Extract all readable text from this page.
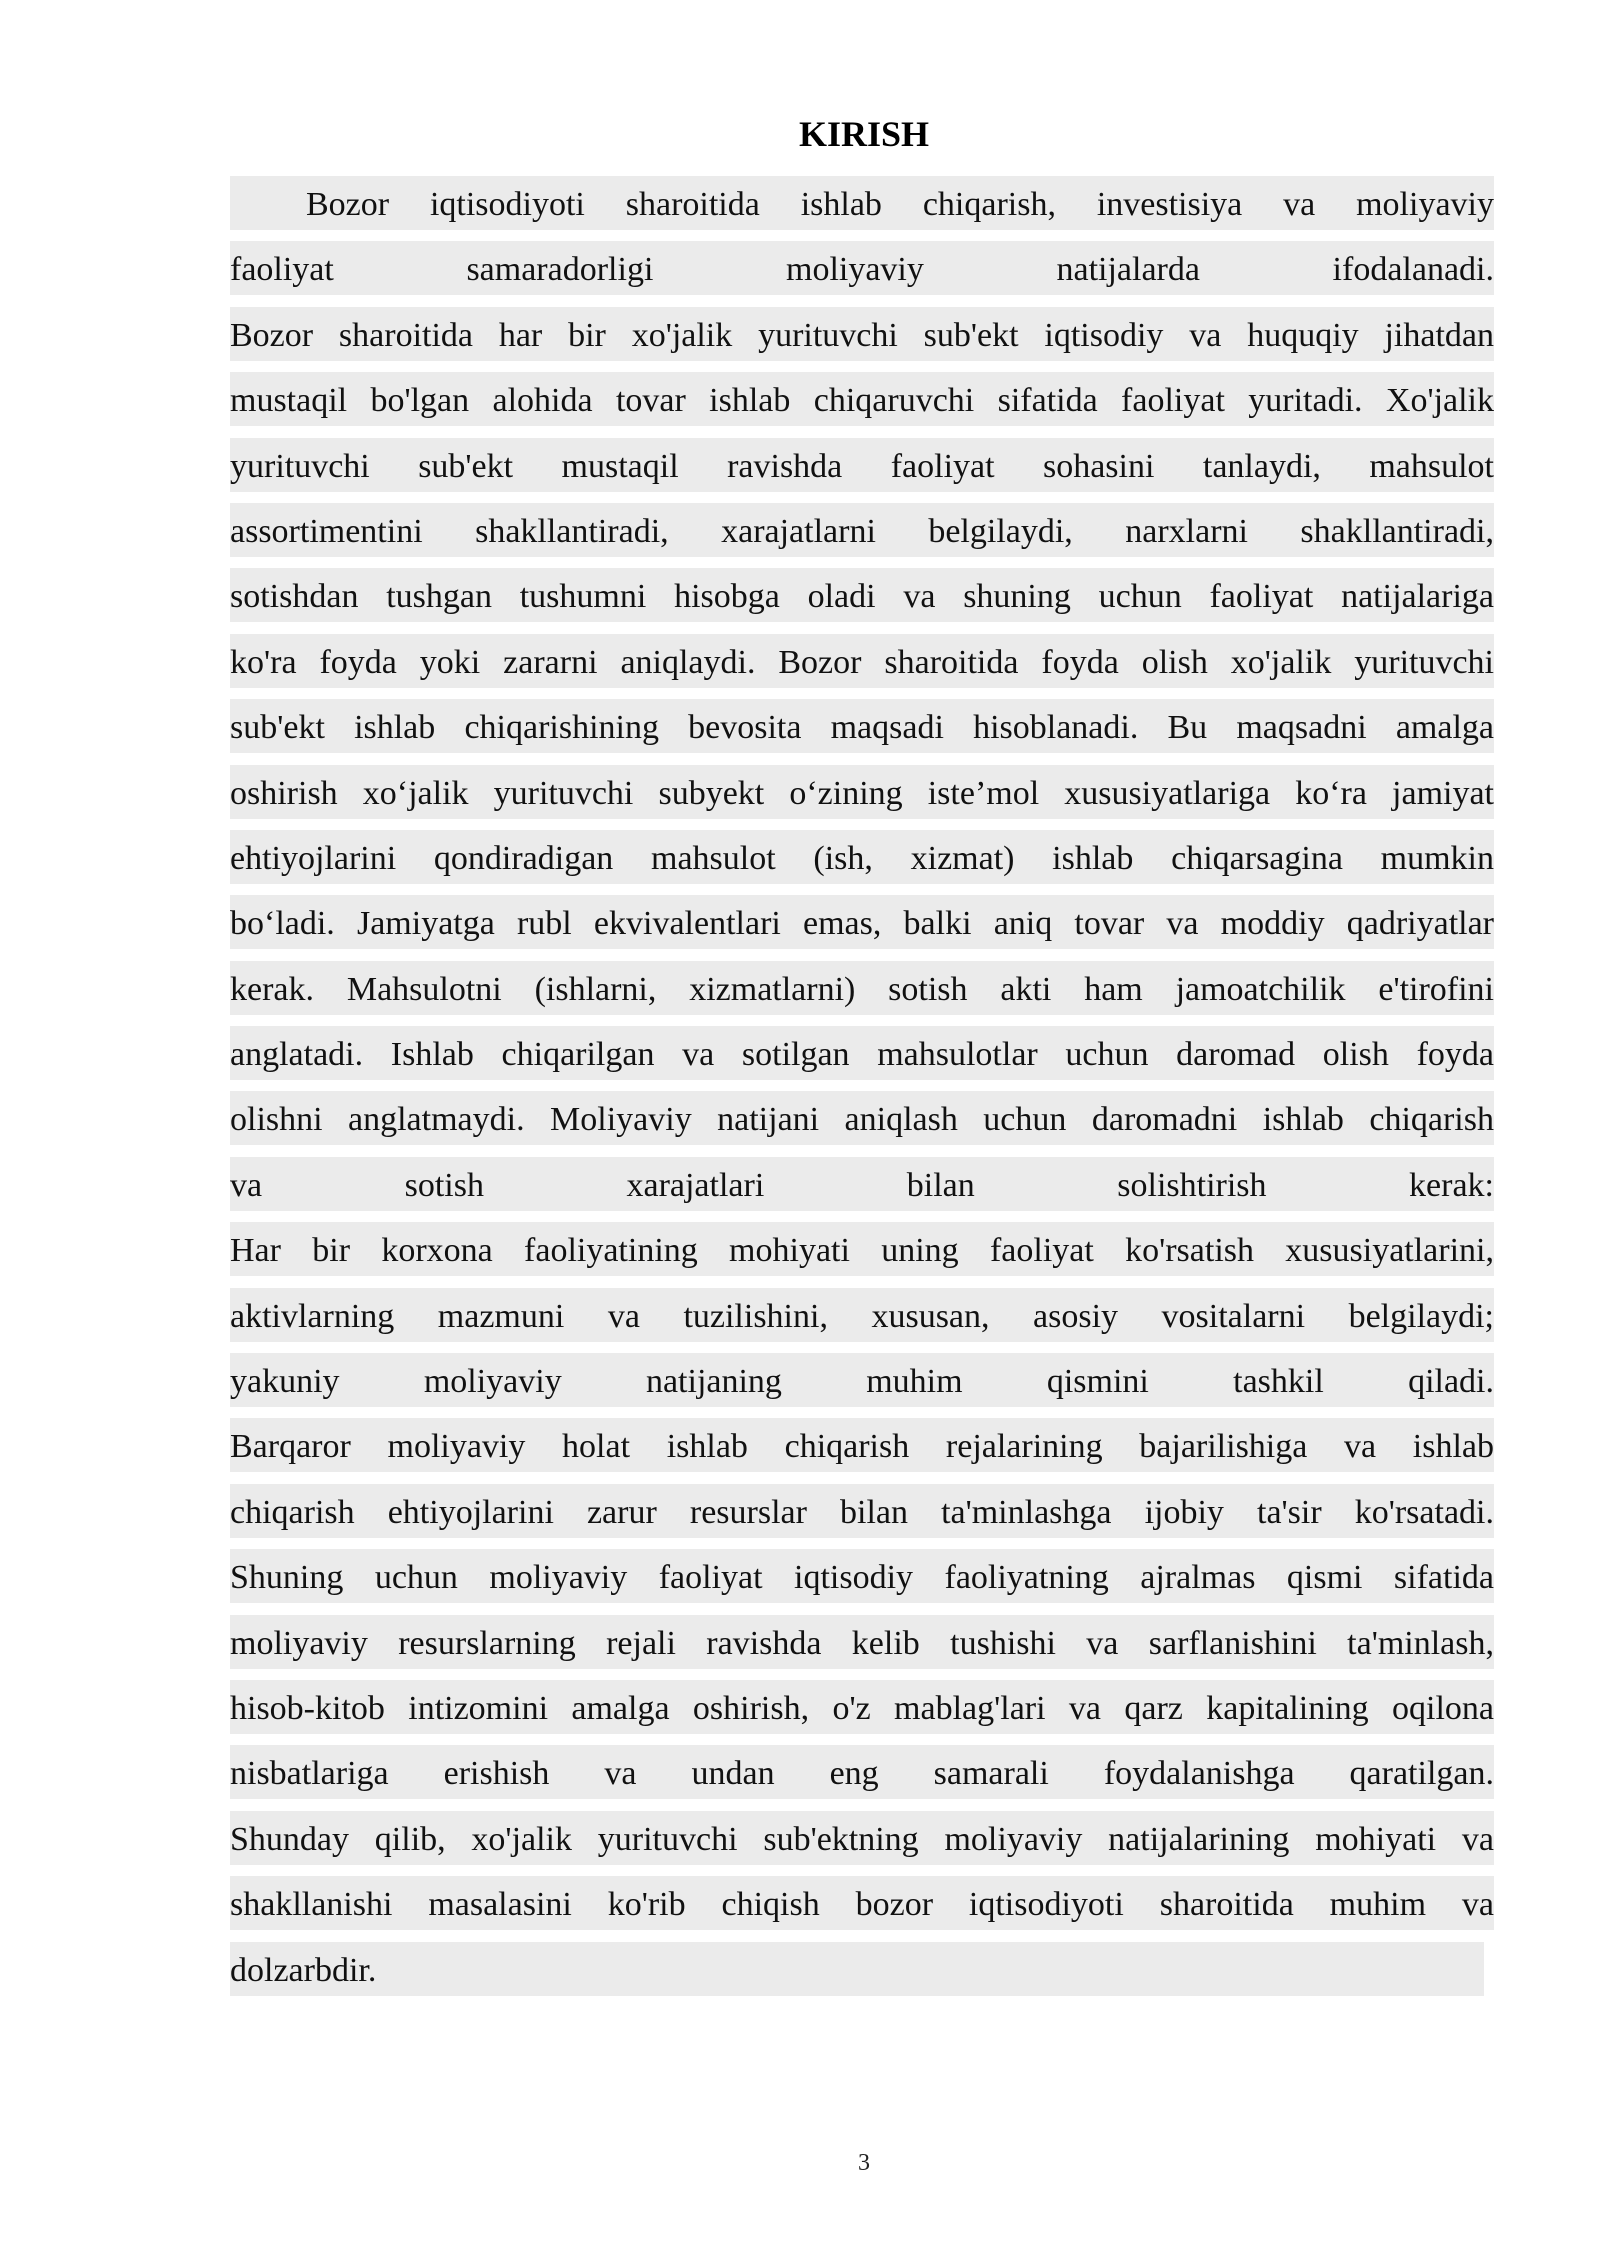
KIRISH
Bozor iqtisodiyoti sharoitida ishlab chiqarish, investisiya va moliyaviy
faoliyat samaradorligi moliyaviy natijalarda ifodalanadi.
Bozor sharoitida har bir xo'jalik yurituvchi sub'ekt iqtisodiy va huquqiy jihatdan
mustaqil bo'lgan alohida tovar ishlab chiqaruvchi sifatida faoliyat yuritadi. Xo'jalik
yurituvchi sub'ekt mustaqil ravishda faoliyat sohasini tanlaydi, mahsulot
assortimentini shakllantiradi, xarajatlarni belgilaydi, narxlarni shakllantiradi,
sotishdan tushgan tushumni hisobga oladi va shuning uchun faoliyat natijalariga
ko'ra foyda yoki zararni aniqlaydi. Bozor sharoitida foyda olish xo'jalik yurituvchi
sub'ekt ishlab chiqarishining bevosita maqsadi hisoblanadi. Bu maqsadni amalga
oshirish xo‘jalik yurituvchi subyekt o‘zining iste’mol xususiyatlariga ko‘ra jamiyat
ehtiyojlarini qondiradigan mahsulot (ish, xizmat) ishlab chiqarsagina mumkin
bo‘ladi. Jamiyatga rubl ekvivalentlari emas, balki aniq tovar va moddiy qadriyatlar
kerak. Mahsulotni (ishlarni, xizmatlarni) sotish akti ham jamoatchilik e'tirofini
anglatadi. Ishlab chiqarilgan va sotilgan mahsulotlar uchun daromad olish foyda
olishni anglatmaydi. Moliyaviy natijani aniqlash uchun daromadni ishlab chiqarish
va sotish xarajatlari bilan solishtirish kerak:
Har bir korxona faoliyatining mohiyati uning faoliyat ko'rsatish xususiyatlarini,
aktivlarning mazmuni va tuzilishini, xususan, asosiy vositalarni belgilaydi;
yakuniy moliyaviy natijaning muhim qismini tashkil qiladi.
Barqaror moliyaviy holat ishlab chiqarish rejalarining bajarilishiga va ishlab
chiqarish ehtiyojlarini zarur resurslar bilan ta'minlashga ijobiy ta'sir ko'rsatadi.
Shuning uchun moliyaviy faoliyat iqtisodiy faoliyatning ajralmas qismi sifatida
moliyaviy resurslarning rejali ravishda kelib tushishi va sarflanishini ta'minlash,
hisob-kitob intizomini amalga oshirish, o'z mablag'lari va qarz kapitalining oqilona
nisbatlariga erishish va undan eng samarali foydalanishga qaratilgan.
Shunday qilib, xo'jalik yurituvchi sub'ektning moliyaviy natijalarining mohiyati va
shakllanishi masalasini ko'rib chiqish bozor iqtisodiyoti sharoitida muhim va
dolzarbdir.
3
